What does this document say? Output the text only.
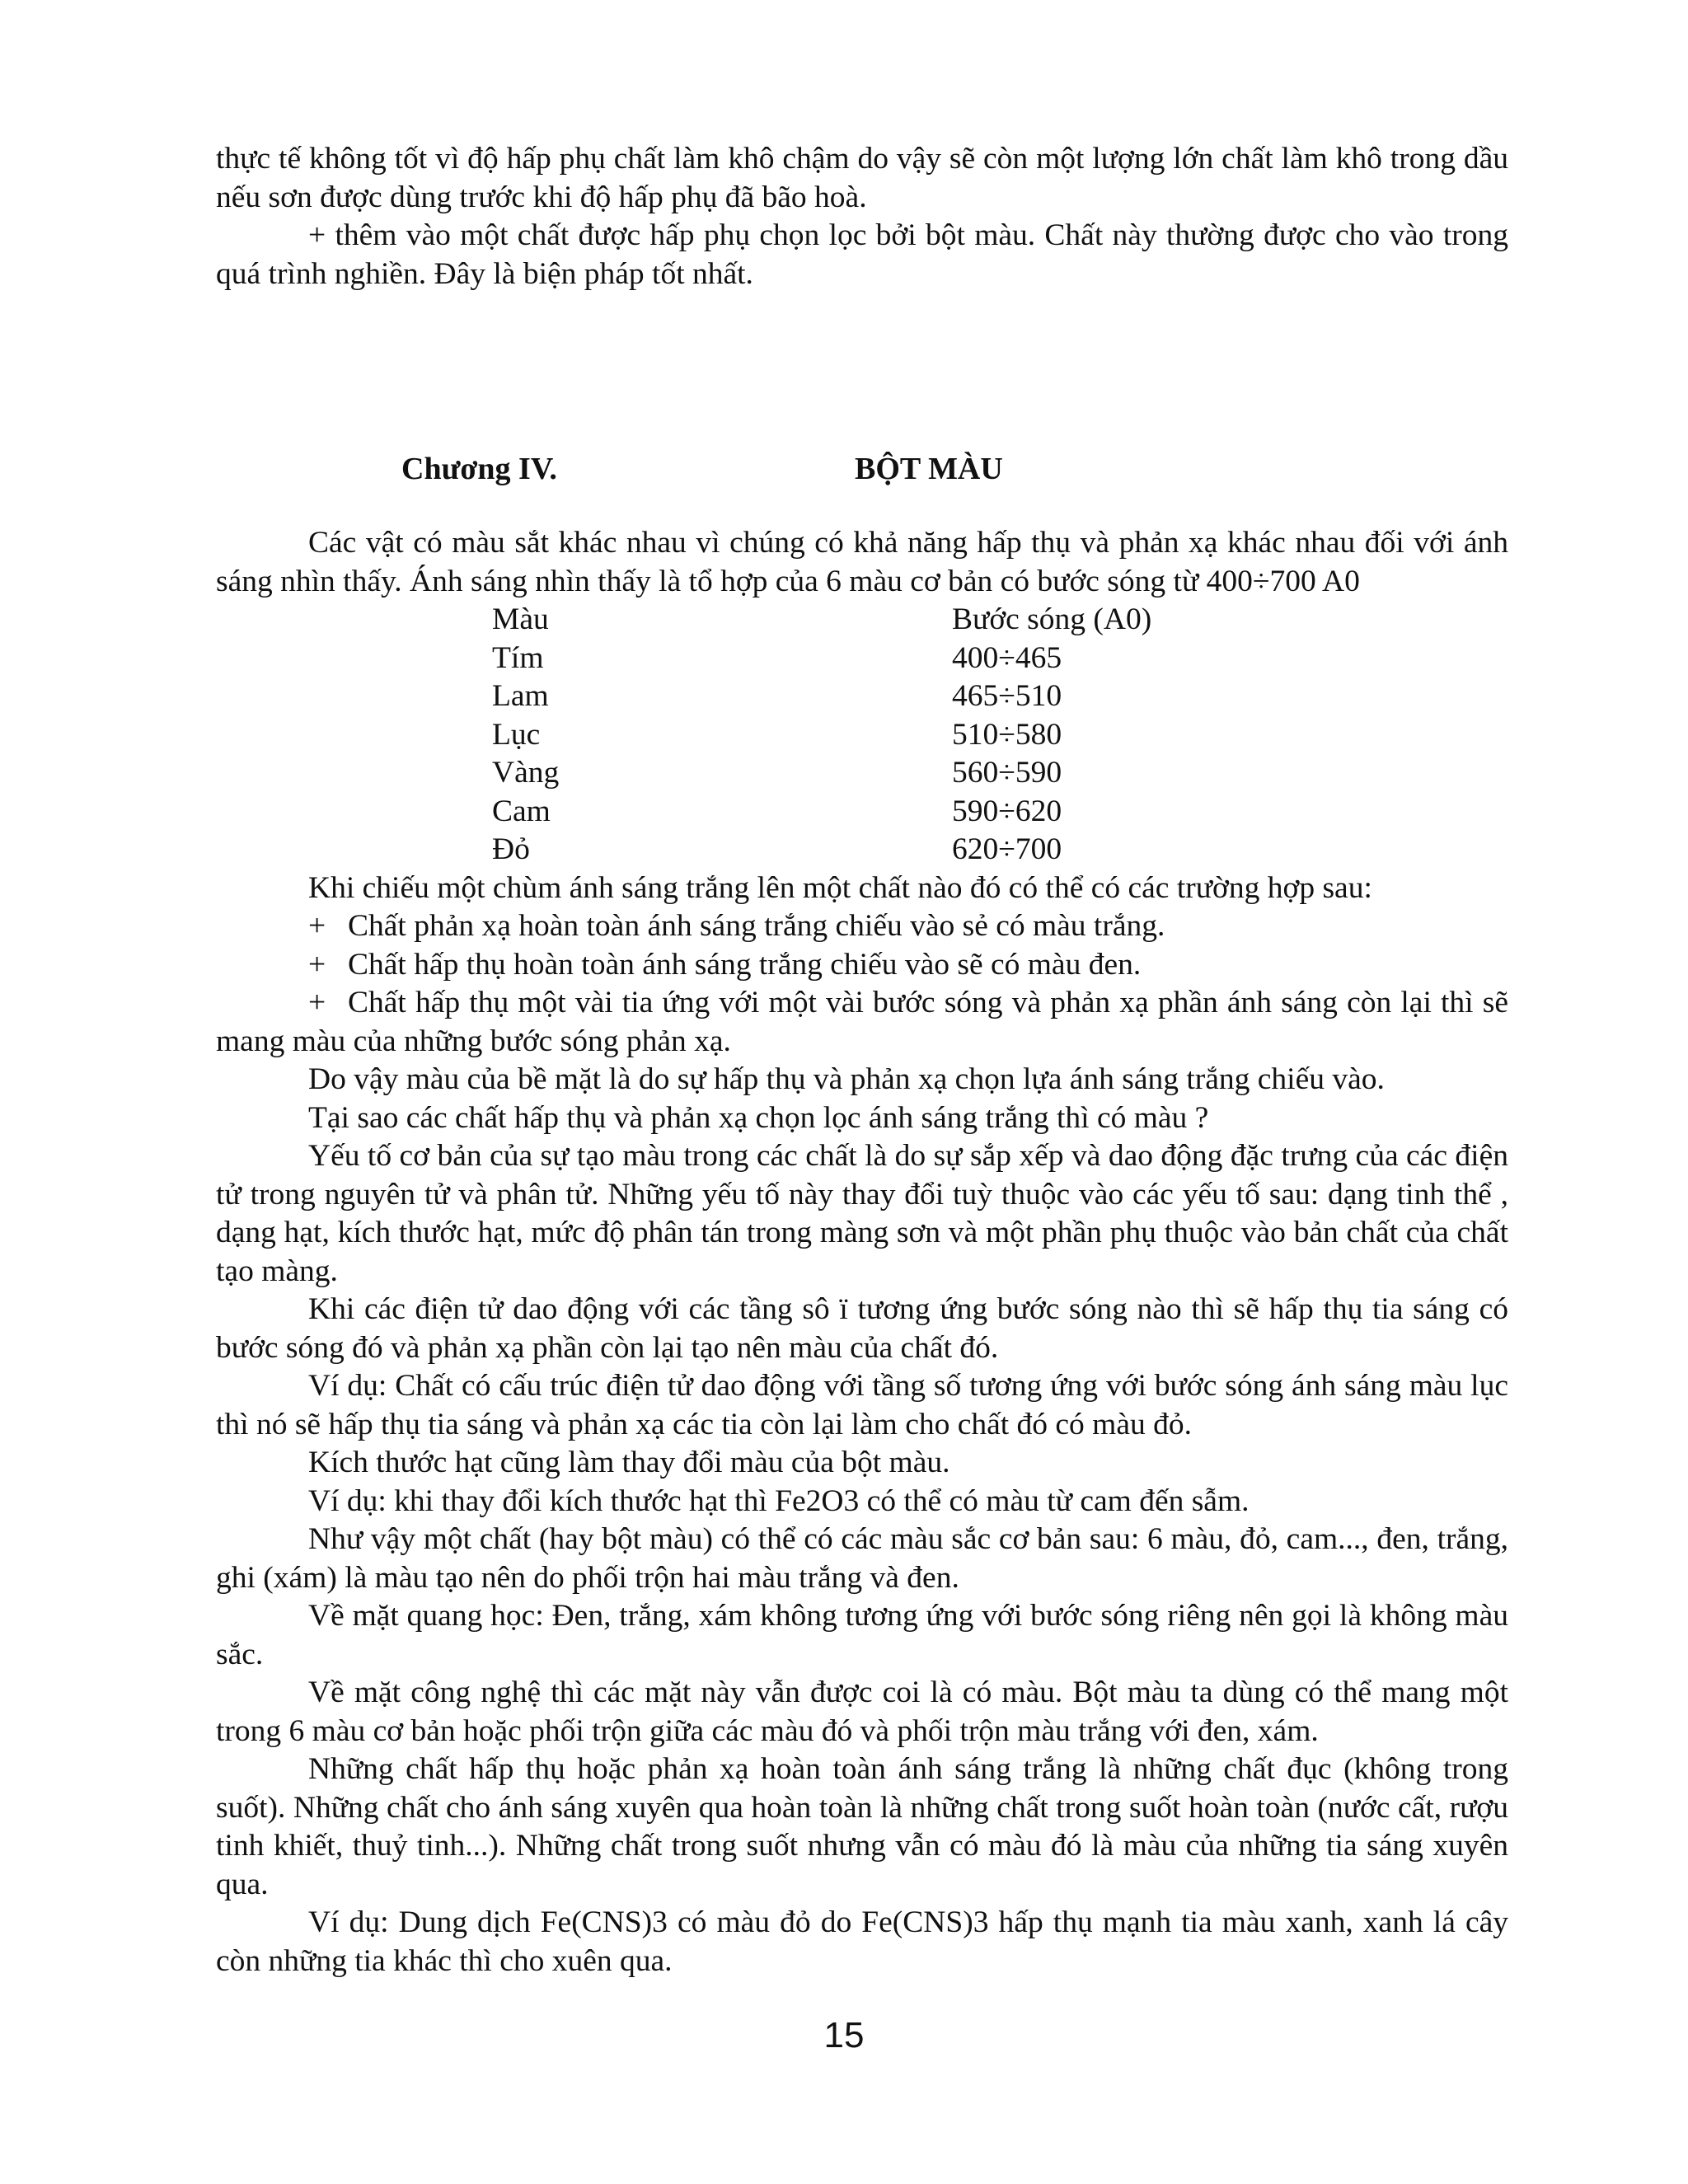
thực tế không tốt vì độ hấp phụ chất làm khô chậm do vậy sẽ còn một lượng lớn chất làm khô trong dầu nếu sơn được dùng trước khi độ hấp phụ đã bão hoà.

+ thêm vào một chất được hấp phụ chọn lọc bởi bột màu. Chất này thường được cho vào trong quá trình nghiền. Đây là biện pháp tốt nhất.

Chương IV.	BỘT MÀU

Các vật có màu sắt khác nhau vì chúng có khả năng hấp thụ và phản xạ khác nhau đối với ánh sáng nhìn thấy. Ánh sáng nhìn thấy là tổ hợp của 6 màu cơ bản có bước sóng từ 400÷700 A0

Màu	Bước sóng (A0)
Tím	400÷465
Lam	465÷510
Lục	510÷580
Vàng	560÷590
Cam	590÷620
Đỏ	620÷700

Khi chiếu một chùm ánh sáng trắng lên một chất nào đó có thể có các trường hợp sau:

+ Chất phản xạ hoàn toàn ánh sáng trắng chiếu vào sẻ có màu trắng.

+ Chất hấp thụ hoàn toàn ánh sáng trắng chiếu vào sẽ có màu đen.

+ Chất hấp thụ một vài tia ứng với một vài bước sóng và phản xạ phần ánh sáng còn lại thì sẽ mang màu của những bước sóng phản xạ.

Do vậy màu của bề mặt là do sự hấp thụ và phản xạ chọn lựa ánh sáng trắng chiếu vào.

Tại sao các chất hấp thụ và phản xạ chọn lọc ánh sáng trắng thì có màu ?

Yếu tố cơ bản của sự tạo màu trong các chất là do sự sắp xếp và dao động đặc trưng của các điện tử trong nguyên tử và phân tử. Những yếu tố này thay đổi tuỳ thuộc vào các yếu tố sau: dạng tinh thể , dạng hạt, kích thước hạt, mức độ phân tán trong màng sơn và một phần phụ thuộc vào bản chất của chất tạo màng.

Khi các điện tử dao động với các tầng sô ï tương ứng bước sóng nào thì sẽ hấp thụ tia sáng có bước sóng đó và phản xạ phần còn lại tạo nên màu của chất đó.

Ví dụ: Chất có cấu trúc điện tử dao động với tầng số tương ứng với bước sóng ánh sáng màu lục thì nó sẽ hấp thụ tia sáng và phản xạ các tia còn lại làm cho chất đó có màu đỏ.

Kích thước hạt cũng làm thay đổi màu của bột màu.

Ví dụ: khi thay đổi kích thước hạt thì Fe2O3 có thể có màu từ cam đến sẫm.

Như vậy một chất (hay bột màu) có thể có các màu sắc cơ bản sau: 6 màu, đỏ, cam..., đen, trắng, ghi (xám) là màu tạo nên do phối trộn hai màu trắng và đen.

Về mặt quang học: Đen, trắng, xám không tương ứng với bước sóng riêng nên gọi là không màu sắc.

Về mặt công nghệ thì các mặt này vẫn được coi là có màu. Bột màu ta dùng có thể mang một trong 6 màu cơ bản hoặc phối trộn giữa các màu đó và phối trộn màu trắng với đen, xám.

Những chất hấp thụ hoặc phản xạ hoàn toàn ánh sáng trắng là những chất đục (không trong suốt). Những chất cho ánh sáng xuyên qua hoàn toàn là những chất trong suốt hoàn toàn (nước cất, rượu tinh khiết, thuỷ tinh...). Những chất trong suốt nhưng vẫn có màu đó là màu của những tia sáng xuyên qua.

Ví dụ: Dung dịch Fe(CNS)3 có màu đỏ do Fe(CNS)3 hấp thụ mạnh tia màu xanh, xanh lá cây còn những tia khác thì cho xuên qua.

15
